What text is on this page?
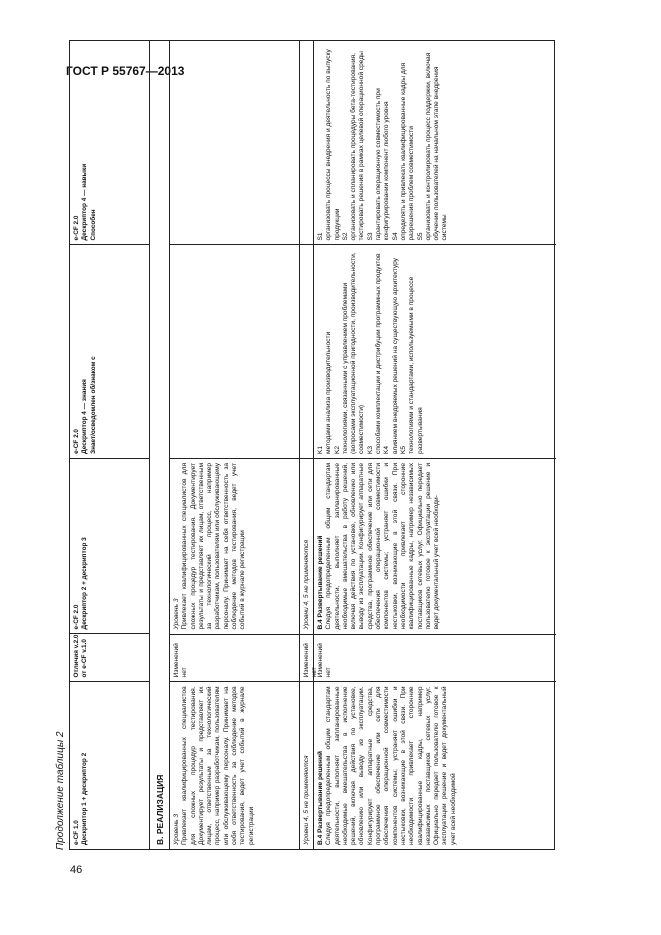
ГОСТ Р 55767—2013
46
Продолжение таблицы 2 e-CF 1.0 Дескриптор 1 + дескриптор 2
Отличия v.2.0 от e-CF v.1.0
e-CF 2.0 Дескриптор 2 + дескриптор 3
e-CF 2.0 Дескриптор 4 — знания Знает/осведомлен об/знаком с
e-CF 2.0 Дескриптор 4 — навыки Способен
B. РЕАЛИЗАЦИЯ	Уровень 3 Привлекает квалифицированных специалистов для сложных процедур тестирования. Документирует результаты и представляет их лицам, ответственным за технологический процесс, например разработчикам, пользователям или обслуживающему персоналу. Принимает на себя ответственность за соблюдение методов тестирования, ведет учет событий в журнале регистрации
Изменений нет
Уровень 3 Привлекает квалифицированных специалистов для сложных процедур тестирования. Документирует результаты и представляет их лицам, ответственным за технологический процесс, например разработчикам, пользователям или обслуживающему персоналу. Принимает на себя ответственность за соблюдение методов тестирования, ведет учет событий в журнале регистрации
Уровни 4, 5 не применяются
Изменений нет
Уровни 4, 5 не применяются
B.4 Развертывание решений Следуя предопределенным общим стандартам деятельности, выполняет запланированные необходимые вмешательства в исполнение решений, включая действия по установке, обновлению или выводу из эксплуатации. Конфигурирует аппаратные средства, программное обеспечение или сети для обеспечения операционной совместимости компонентов системы; устраняет ошибки и нестыковки, возникающие в этой связи. При необходимости привлекает сторонние квалифицированные кадры, например независимых поставщиков сетевых услуг. Официально передает пользователю готовое к эксплуатации решение и ведет документальный учет всей необходимой
Изменений нет
B.4 Развертывание решений Следуя предопределенным общим стандартам деятельности, выполняет запланированные необходимые вмешательства в работу решений, включая действия по установке, обновлению или выводу из эксплуатации. Конфигурирует аппаратные средства, программное обеспечение или сети для обеспечения операционной совместимости компонентов системы; устраняет ошибки и нестыковки, возникающие в этой связи. При необходимости привлекает сторонние квалифицированные кадры, например независимых поставщиков сетевых услуг. Официально передает пользователю готовое к эксплуатации решение и ведет документальный учет всей необходи-
K1
методами анализа производительности
K2
технологиями, связанными с управлением проблемами (вопросами эксплуатационной пригодности, производительности, совместимости)
K3
способами комплектации и дистрибуции программных продуктов
K4
влиянием внедряемых решений на существующую архитектуру
K5
технологиями и стандартами, используемыми в процессе развертывания
S1
организовать процессы внедрения и деятельность по выпуску продукции
S2
организовать и спланировать процедуры бета-тестирования, тестировать решения в рамках целевой операционной среды
S3
гарантировать операционную совместимость при конфигурировании компонент любого уровня
S4
определять и привлекать квалифицированные кадры для разрешения проблем совместимости
S5
организовать и контролировать процесс поддержки, включая обучение пользователей на начальном этапе внедрения системы
